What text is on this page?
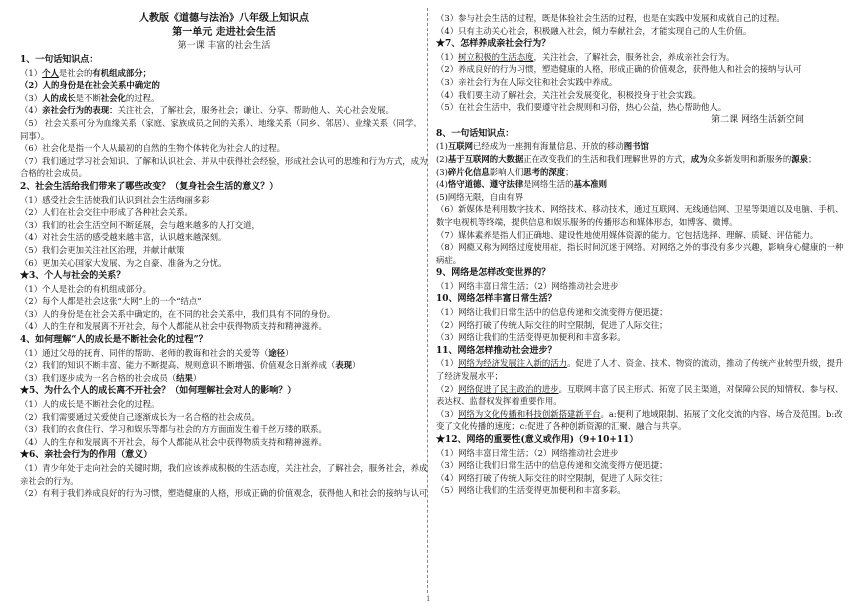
人教版《道德与法治》八年级上知识点
第一单元 走进社会生活
第一课 丰富的社会生活
1、一句话知识点：
（1）个人是社会的有机组成部分；
（2）人的身份是在社会关系中确定的
（3）人的成长是不断社会化的过程。
（4）亲社会行为的表现：关注社会，了解社会，服务社会；谦让、分享、帮助他人、关心社会发展。
（5） 社会关系可分为血缘关系（家庭、家族成员之间的关系）、地缘关系（同乡、邻居）、业缘关系（同学、同事）。
（6）社会化是指一个人从最初的自然的生物个体转化为社会人的过程。
（7）我们通过学习社会知识、了解和认识社会、并从中获得社会经验，形成社会认可的思维和行为方式，成为合格的社会成员。
2、社会生活给我们带来了哪些改变？（复身社会生活的意义？）
（1）感受社会生活使我们认识到社会生活绚丽多彩
（2）人们在社会交往中形成了各种社会关系。
（3）我们的社会生活空间不断延展，会与越来越多的人打交道，
（4）对社会生活的感受越来越丰富，认识越来越深刻。
（5）我们会更加关注社区治理，并献计献策
（6）更加关心国家大发展、为之自豪、准备为之分忧。
★3、个人与社会的关系？
（1）个人是社会的有机组成部分。
（2）每个人都是社会这张“大网”上的一个“结点”
（3）人的身份是在社会关系中确定的，在不同的社会关系中，我们具有不同的身份。
（4）人的生存和发展离不开社会，每个人都能从社会中获得物质支持和精神滋养。
4、如何理解“人的成长是不断社会化的过程”？
（1）通过父母的抚育、同伴的帮助、老师的教诲和社会的关爱等（途径）
（2）我们的知识不断丰富、能力不断提高、规则意识不断增强、价值观念日渐养成（表现）
（3）我们逐步成为一名合格的社会成员（结果）
★5、为什么个人的成长离不开社会？（如何理解社会对人的影响？）
（1）人的成长是不断社会化的过程。
（2）我们需要通过关爱使自己逐渐成长为一名合格的社会成员。
（3）我们的衣食住行、学习和娱乐等都与社会的方方面面发生着千丝万缕的联系。
（4）人的生存和发展离不开社会，每个人都能从社会中获得物质支持和精神滋养。
★6、亲社会行为的作用（意义）
（1）青少年处于走向社会的关键时期，我们应该养成积极的生活态度，关注社会，了解社会，服务社会，养成亲社会的行为。
（2）有利于我们养成良好的行为习惯，塑造健康的人格，形成正确的价值观念，获得他人和社会的接纳与认可
（3）参与社会生活的过程，既是体验社会生活的过程，也是在实践中发展和成就自己的过程。
（4）只有主动关心社会，积极融入社会，倾力奉献社会，才能实现自己的人生价值。
★7、怎样养成亲社会行为？
（1）树立积极的生活态度，关注社会，了解社会，服务社会，养成亲社会行为。
（2）养成良好的行为习惯，塑造健康的人格，形成正确的价值观念，获得他人和社会的接纳与认可
（3）亲社会行为在人际交往和社会实践中养成。
（4）我们要主动了解社会，关注社会发展变化，积极投身于社会实践。
（5）在社会生活中，我们要遵守社会规则和习俗，热心公益，热心帮助他人。
第二课 网络生活新空间
8、一句话知识点：
(1)互联网已经成为一座拥有海量信息、开放的移动图书馆
(2)基于互联网的大数据正在改变我们的生活和我们理解世界的方式，成为众多新发明和新服务的源泉；
(3)碎片化信息影响人们思考的深度；
(4)恪守道德、遵守法律是网络生活的基本准则
(5)网络无限，自由有界
（6）新媒体是利用数字技术、网络技术、移动技术，通过互联网、无线通信网、卫星等渠道以及电脑、手机、数字电视机等终端，提供信息和娱乐服务的传播形态和媒体形态，如博客、微博。
（7）媒体素养是指人们正确地、建设性地使用媒体资源的能力。它包括选择、理解、质疑、评估能力。
（8）网瘾又称为网络过度使用症，指长时间沉迷于网络。对网络之外的事没有多少兴趣，影响身心健康的一种病症。
9、网络是怎样改变世界的？
（1）网络丰富日常生活；（2）网络推动社会进步
10、网络怎样丰富日常生活？
（1）网络让我们日常生活中的信息传递和交流变得方便迅捷；
（2）网络打破了传统人际交往的时空限制，促进了人际交往；
（3）网络让我们的生活变得更加便利和丰富多彩。
11、网络怎样推动社会进步？
（1）网络为经济发展注入新的活力。促进了人才、资金、技术、物资的流动，推动了传统产业转型升级，提升了经济发展水平；
（2）网络促进了民主政治的进步。互联网丰富了民主形式、拓宽了民主渠道，对保障公民的知情权、参与权、表达权、监督权发挥着重要作用。
（3）网络为文化传播和科技创新搭建新平台。a:便利了地域限制、拓展了文化交流的内容、场合及范围。b:改变了文化传播的速度；c:促进了各种创新资源的汇聚、融合与共享。
★12、网络的重要性(意义或作用)（9+10+11）
（1）网络丰富日常生活；（2）网络推动社会进步
（3）网络让我们日常生活中的信息传递和交流变得方便迅捷；
（4）网络打破了传统人际交往的时空限制，促进了人际交往；
（5）网络让我们的生活变得更加便利和丰富多彩。
1
